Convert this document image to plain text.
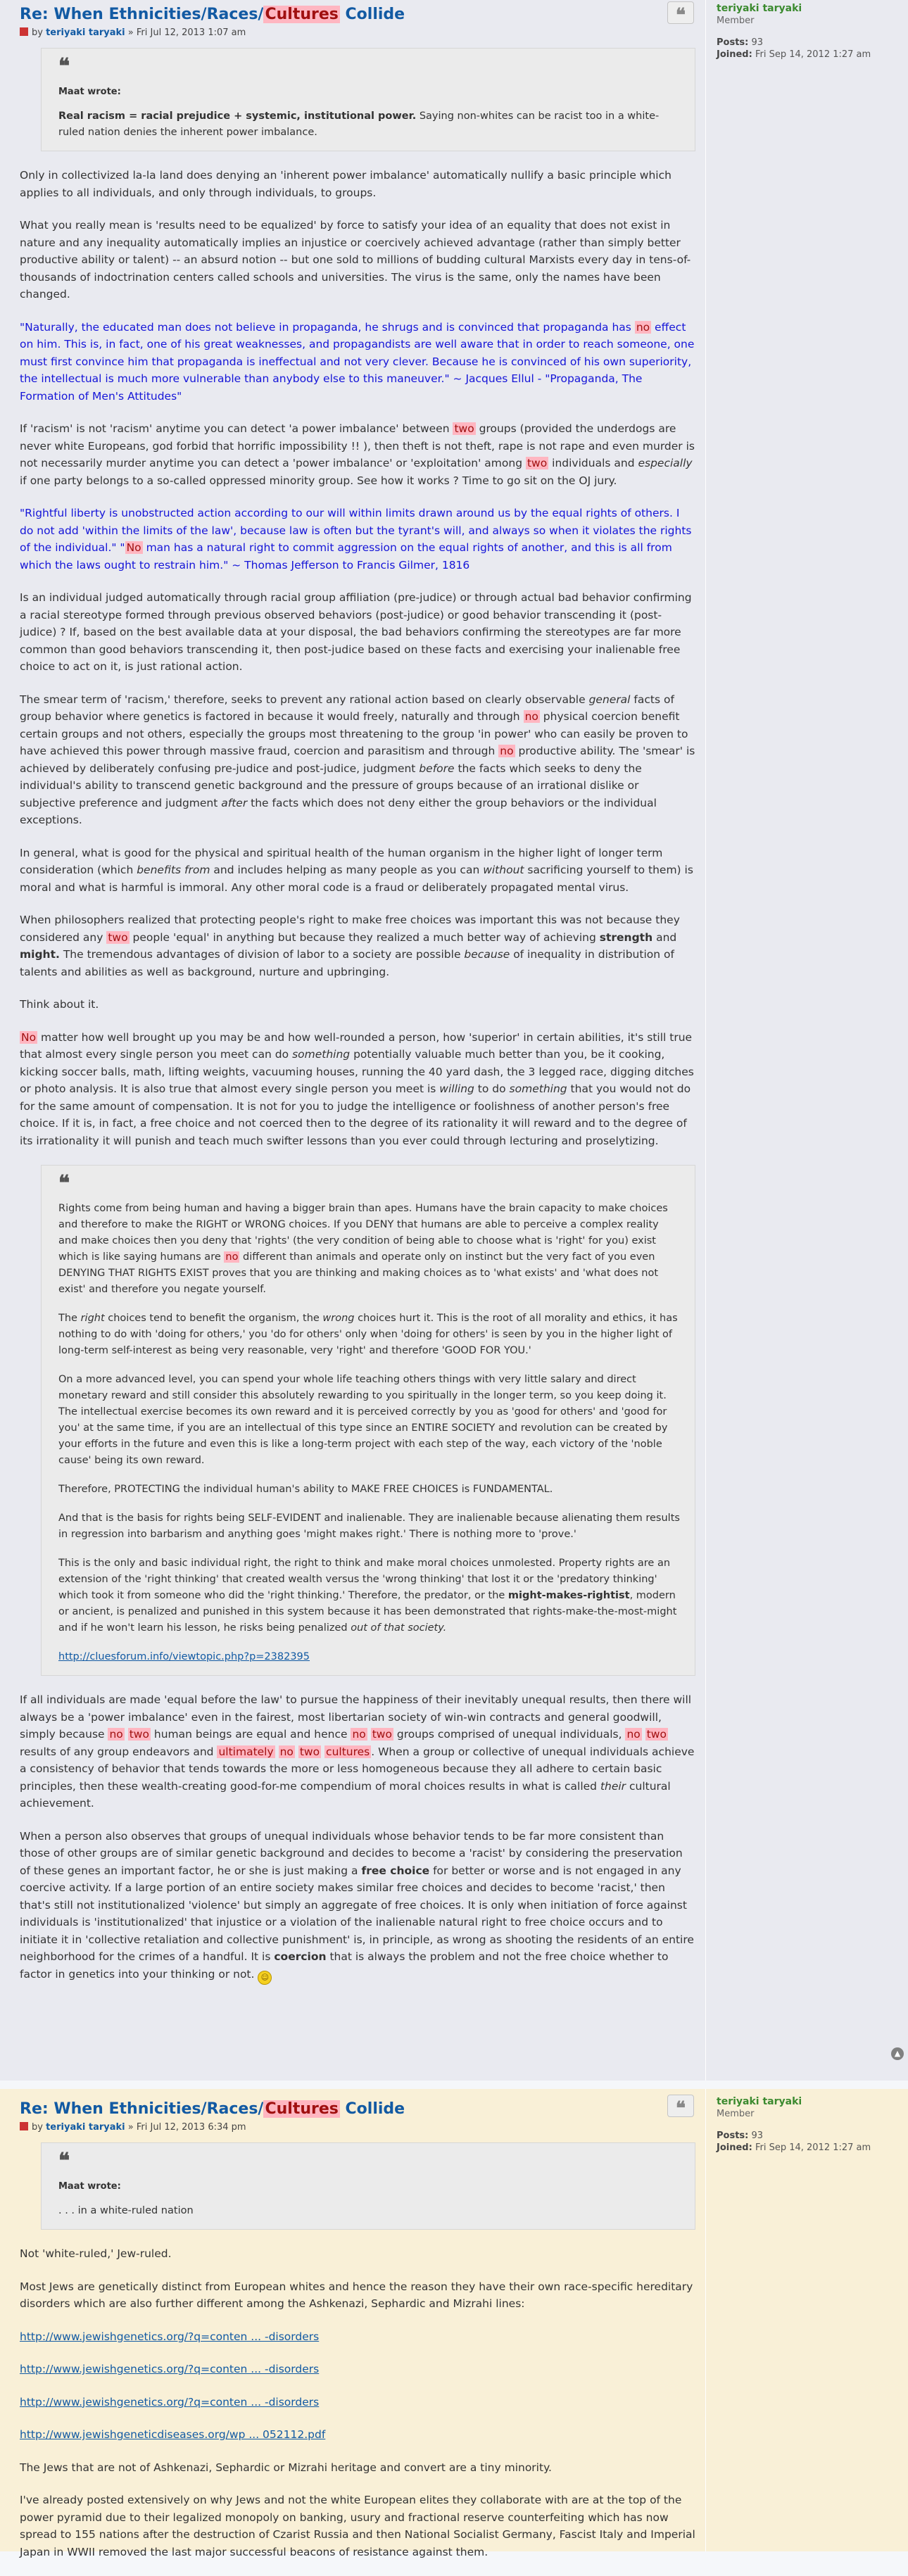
❝	teriyaki taryaki
Member
Posts: 93
Joined: Fri Sep 14, 2012 1:27 am
Re: When Ethnicities/Races/Cultures Collide
by teriyaki taryaki » Fri Jul 12, 2013 1:07 am
❝
Maat wrote:
Real racism = racial prejudice + systemic, institutional power. Saying non-whites can be racist too in a white-ruled nation denies the inherent power imbalance.

Only in collectivized la-la land does denying an 'inherent power imbalance' automatically nullify a basic principle which applies to all individuals, and only through individuals, to groups.

What you really mean is 'results need to be equalized' by force to satisfy your idea of an equality that does not exist in nature and any inequality automatically implies an injustice or coercively achieved advantage (rather than simply better productive ability or talent) -- an absurd notion -- but one sold to millions of budding cultural Marxists every day in tens-of-thousands of indoctrination centers called schools and universities. The virus is the same, only the names have been changed.

"Naturally, the educated man does not believe in propaganda, he shrugs and is convinced that propaganda has no effect on him. This is, in fact, one of his great weaknesses, and propagandists are well aware that in order to reach someone, one must first convince him that propaganda is ineffectual and not very clever. Because he is convinced of his own superiority, the intellectual is much more vulnerable than anybody else to this maneuver." ~ Jacques Ellul - "Propaganda, The Formation of Men's Attitudes"

If 'racism' is not 'racism' anytime you can detect 'a power imbalance' between two groups (provided the underdogs are never white Europeans, god forbid that horrific impossibility !! ), then theft is not theft, rape is not rape and even murder is not necessarily murder anytime you can detect a 'power imbalance' or 'exploitation' among two individuals and especially if one party belongs to a so-called oppressed minority group. See how it works ? Time to go sit on the OJ jury.

"Rightful liberty is unobstructed action according to our will within limits drawn around us by the equal rights of others. I do not add 'within the limits of the law', because law is often but the tyrant's will, and always so when it violates the rights of the individual." " No man has a natural right to commit aggression on the equal rights of another, and this is all from which the laws ought to restrain him." ~ Thomas Jefferson to Francis Gilmer, 1816

Is an individual judged automatically through racial group affiliation (pre-judice) or through actual bad behavior confirming a racial stereotype formed through previous observed behaviors (post-judice) or good behavior transcending it (post-judice) ? If, based on the best available data at your disposal, the bad behaviors confirming the stereotypes are far more common than good behaviors transcending it, then post-judice based on these facts and exercising your inalienable free choice to act on it, is just rational action.

The smear term of 'racism,' therefore, seeks to prevent any rational action based on clearly observable general facts of group behavior where genetics is factored in because it would freely, naturally and through no physical coercion benefit certain groups and not others, especially the groups most threatening to the group 'in power' who can easily be proven to have achieved this power through massive fraud, coercion and parasitism and through no productive ability. The 'smear' is achieved by deliberately confusing pre-judice and post-judice, judgment before the facts which seeks to deny the individual's ability to transcend genetic background and the pressure of groups because of an irrational dislike or subjective preference and judgment after the facts which does not deny either the group behaviors or the individual exceptions.

In general, what is good for the physical and spiritual health of the human organism in the higher light of longer term consideration (which benefits from and includes helping as many people as you can without sacrificing yourself to them) is moral and what is harmful is immoral. Any other moral code is a fraud or deliberately propagated mental virus.

When philosophers realized that protecting people's right to make free choices was important this was not because they considered any two people 'equal' in anything but because they realized a much better way of achieving strength and might. The tremendous advantages of division of labor to a society are possible because of inequality in distribution of talents and abilities as well as background, nurture and upbringing.

Think about it.

No matter how well brought up you may be and how well-rounded a person, how 'superior' in certain abilities, it's still true that almost every single person you meet can do something potentially valuable much better than you, be it cooking, kicking soccer balls, math, lifting weights, vacuuming houses, running the 40 yard dash, the 3 legged race, digging ditches or photo analysis. It is also true that almost every single person you meet is willing to do something that you would not do for the same amount of compensation. It is not for you to judge the intelligence or foolishness of another person's free choice. If it is, in fact, a free choice and not coerced then to the degree of its rationality it will reward and to the degree of its irrationality it will punish and teach much swifter lessons than you ever could through lecturing and proselytizing.

❝

Rights come from being human and having a bigger brain than apes. Humans have the brain capacity to make choices and therefore to make the RIGHT or WRONG choices. If you DENY that humans are able to perceive a complex reality and make choices then you deny that 'rights' (the very condition of being able to choose what is 'right' for you) exist which is like saying humans are no different than animals and operate only on instinct but the very fact of you even DENYING THAT RIGHTS EXIST proves that you are thinking and making choices as to 'what exists' and 'what does not exist' and therefore you negate yourself.

The right choices tend to benefit the organism, the wrong choices hurt it. This is the root of all morality and ethics, it has nothing to do with 'doing for others,' you 'do for others' only when 'doing for others' is seen by you in the higher light of long-term self-interest as being very reasonable, very 'right' and therefore 'GOOD FOR YOU.'

On a more advanced level, you can spend your whole life teaching others things with very little salary and direct monetary reward and still consider this absolutely rewarding to you spiritually in the longer term, so you keep doing it. The intellectual exercise becomes its own reward and it is perceived correctly by you as 'good for others' and 'good for you' at the same time, if you are an intellectual of this type since an ENTIRE SOCIETY and revolution can be created by your efforts in the future and even this is like a long-term project with each step of the way, each victory of the 'noble cause' being its own reward.

Therefore, PROTECTING the individual human's ability to MAKE FREE CHOICES is FUNDAMENTAL.

And that is the basis for rights being SELF-EVIDENT and inalienable. They are inalienable because alienating them results in regression into barbarism and anything goes 'might makes right.' There is nothing more to 'prove.'

This is the only and basic individual right, the right to think and make moral choices unmolested. Property rights are an extension of the 'right thinking' that created wealth versus the 'wrong thinking' that lost it or the 'predatory thinking' which took it from someone who did the 'right thinking.' Therefore, the predator, or the might-makes-rightist, modern or ancient, is penalized and punished in this system because it has been demonstrated that rights-make-the-most-might and if he won't learn his lesson, he risks being penalized out of that society.

http://cluesforum.info/viewtopic.php?p=2382395

If all individuals are made 'equal before the law' to pursue the happiness of their inevitably unequal results, then there will always be a 'power imbalance' even in the fairest, most libertarian society of win-win contracts and general goodwill, simply because no two human beings are equal and hence no two groups comprised of unequal individuals, no two results of any group endeavors and ultimately no two cultures . When a group or collective of unequal individuals achieve a consistency of behavior that tends towards the more or less homogeneous because they all adhere to certain basic principles, then these wealth-creating good-for-me compendium of moral choices results in what is called their cultural achievement.

When a person also observes that groups of unequal individuals whose behavior tends to be far more consistent than those of other groups are of similar genetic background and decides to become a 'racist' by considering the preservation of these genes an important factor, he or she is just making a free choice for better or worse and is not engaged in any coercive activity. If a large portion of an entire society makes similar free choices and decides to become 'racist,' then that's still not institutionalized 'violence' but simply an aggregate of free choices. It is only when initiation of force against individuals is 'institutionalized' that injustice or a violation of the inalienable natural right to free choice occurs and to initiate it in 'collective retaliation and collective punishment' is, in principle, as wrong as shooting the residents of an entire neighborhood for the crimes of a handful. It is coercion that is always the problem and not the free choice whether to factor in genetics into your thinking or not. ☺

▲
❝	teriyaki taryaki
Member
Posts: 93
Joined: Fri Sep 14, 2012 1:27 am
Re: When Ethnicities/Races/Cultures Collide
by teriyaki taryaki » Fri Jul 12, 2013 6:34 pm
❝
Maat wrote:
. . . in a white-ruled nation

Not 'white-ruled,' Jew-ruled.

Most Jews are genetically distinct from European whites and hence the reason they have their own race-specific hereditary disorders which are also further different among the Ashkenazi, Sephardic and Mizrahi lines:

http://www.jewishgenetics.org/?q=conten ... -disorders

http://www.jewishgenetics.org/?q=conten ... -disorders

http://www.jewishgenetics.org/?q=conten ... -disorders

http://www.jewishgeneticdiseases.org/wp ... 052112.pdf

The Jews that are not of Ashkenazi, Sephardic or Mizrahi heritage and convert are a tiny minority.

I've already posted extensively on why Jews and not the white European elites they collaborate with are at the top of the power pyramid due to their legalized monopoly on banking, usury and fractional reserve counterfeiting which has now spread to 155 nations after the destruction of Czarist Russia and then National Socialist Germany, Fascist Italy and Imperial Japan in WWII removed the last major successful beacons of resistance against them.
